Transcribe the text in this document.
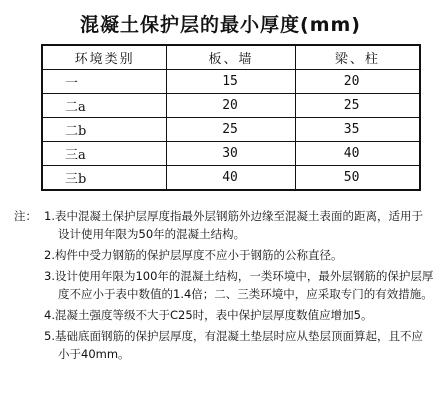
混凝土保护层的最小厚度(mm)
环境类别	板、墙	梁、柱
一	15	20
二a	20	25
二b	25	35
三a	30	40
三b	40	50
注： 1.表中混凝土保护层厚度指最外层钢筋外边缘至混凝土表面的距离，适用于设计使用年限为50年的混凝土结构。
2.构件中受力钢筋的保护层厚度不应小于钢筋的公称直径。
3.设计使用年限为100年的混凝土结构，一类环境中，最外层钢筋的保护层厚度不应小于表中数值的1.4倍；二、三类环境中，应采取专门的有效措施。
4.混凝土强度等级不大于C25时，表中保护层厚度数值应增加5。
5.基础底面钢筋的保护层厚度，有混凝土垫层时应从垫层顶面算起，且不应小于40mm。
